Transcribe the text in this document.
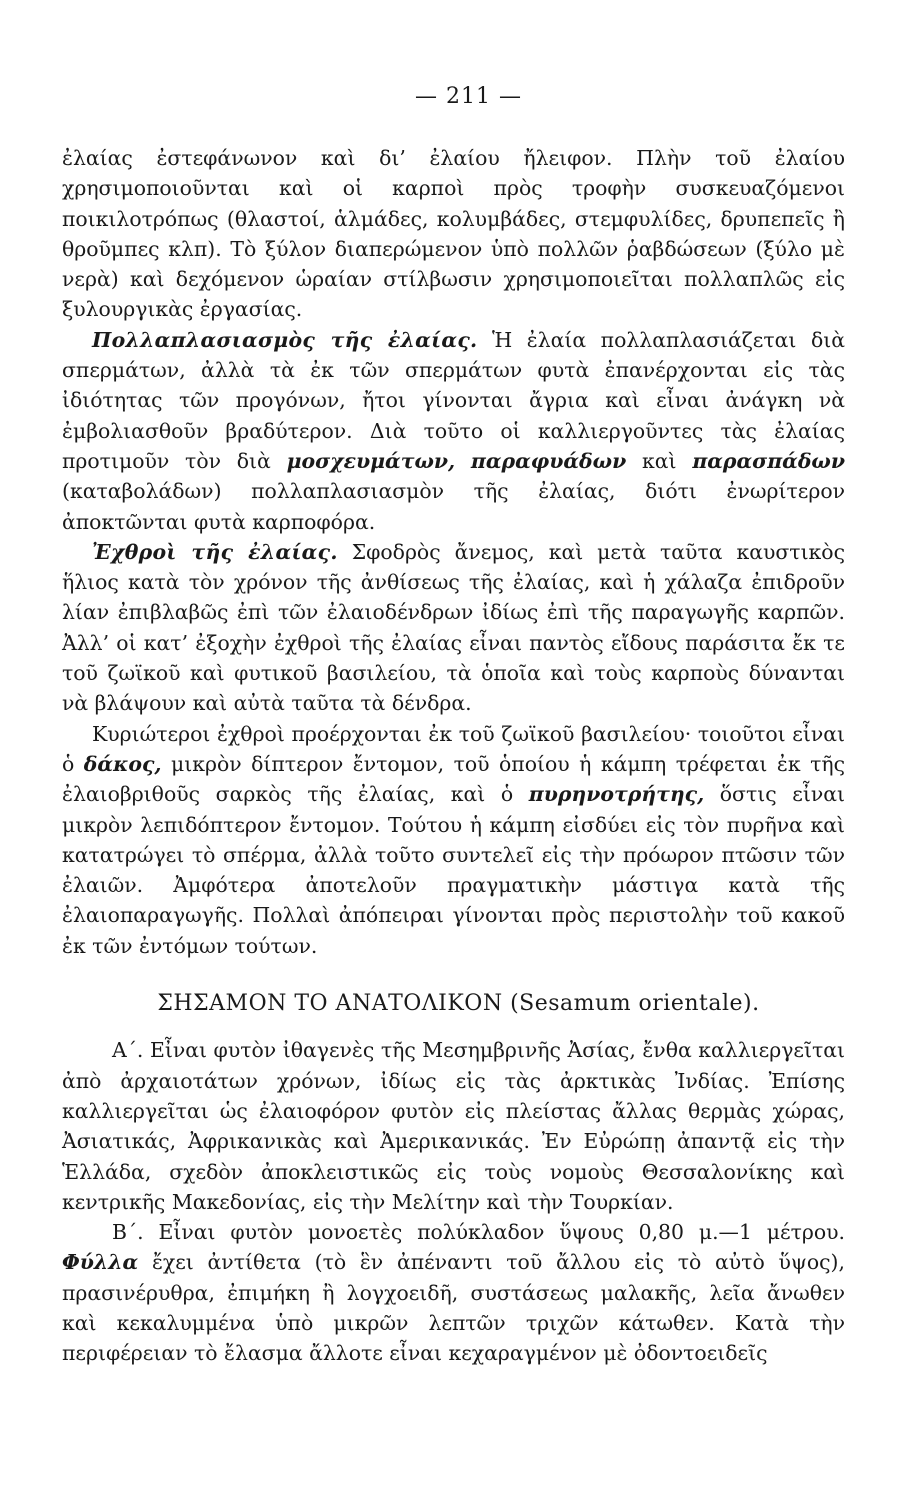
— 211 —

ἐλαίας ἐστεφάνωνον καὶ δι’ ἐλαίου ἤλειφον. Πλὴν τοῦ ἐλαίου χρησιμοποιοῦνται καὶ οἱ καρποὶ πρὸς τροφὴν συσκευαζόμενοι ποικιλοτρόπως (θλαστοί, ἁλμάδες, κολυμβάδες, στεμφυλίδες, δρυπεπεῖς ἢ θροῦμπες κλπ). Τὸ ξύλον διαπερώμενον ὑπὸ πολλῶν ῥαβδώσεων (ξύλο μὲ νερὰ) καὶ δεχόμενον ὡραίαν στίλβωσιν χρησιμοποιεῖται πολλαπλῶς εἰς ξυλουργικὰς ἐργασίας.

Πολλαπλασιασμὸς τῆς ἐλαίας. Ἡ ἐλαία πολλαπλασιάζεται διὰ σπερμάτων, ἀλλὰ τὰ ἐκ τῶν σπερμάτων φυτὰ ἐπανέρχονται εἰς τὰς ἰδιότητας τῶν προγόνων, ἤτοι γίνονται ἄγρια καὶ εἶναι ἀνάγκη νὰ ἐμβολιασθοῦν βραδύτερον. Διὰ τοῦτο οἱ καλλιεργοῦντες τὰς ἐλαίας προτιμοῦν τὸν διὰ μοσχευμάτων, παραφυάδων καὶ παρασπάδων (καταβολάδων) πολλαπλασιασμὸν τῆς ἐλαίας, διότι ἐνωρίτερον ἀποκτῶνται φυτὰ καρποφόρα.

Ἐχθροὶ τῆς ἐλαίας. Σφοδρὸς ἄνεμος, καὶ μετὰ ταῦτα καυστικὸς ἥλιος κατὰ τὸν χρόνον τῆς ἀνθίσεως τῆς ἐλαίας, καὶ ἡ χάλαζα ἐπιδροῦν λίαν ἐπιβλαβῶς ἐπὶ τῶν ἐλαιοδένδρων ἰδίως ἐπὶ τῆς παραγωγῆς καρπῶν. Ἀλλ’ οἱ κατ’ ἐξοχὴν ἐχθροὶ τῆς ἐλαίας εἶναι παντὸς εἴδους παράσιτα ἔκ τε τοῦ ζωϊκοῦ καὶ φυτικοῦ βασιλείου, τὰ ὁποῖα καὶ τοὺς καρποὺς δύνανται νὰ βλάψουν καὶ αὐτὰ ταῦτα τὰ δένδρα.

Κυριώτεροι ἐχθροὶ προέρχονται ἐκ τοῦ ζωϊκοῦ βασιλείου· τοιοῦτοι εἶναι ὁ δάκος, μικρὸν δίπτερον ἔντομον, τοῦ ὁποίου ἡ κάμπη τρέφεται ἐκ τῆς ἐλαιοβριθοῦς σαρκὸς τῆς ἐλαίας, καὶ ὁ πυρηνοτρήτης, ὅστις εἶναι μικρὸν λεπιδόπτερον ἔντομον. Τούτου ἡ κάμπη εἰσδύει εἰς τὸν πυρῆνα καὶ κατατρώγει τὸ σπέρμα, ἀλλὰ τοῦτο συντελεῖ εἰς τὴν πρόωρον πτῶσιν τῶν ἐλαιῶν. Ἀμφότερα ἀποτελοῦν πραγματικὴν μάστιγα κατὰ τῆς ἐλαιοπαραγωγῆς. Πολλαὶ ἀπόπειραι γίνονται πρὸς περιστολὴν τοῦ κακοῦ ἐκ τῶν ἐντόμων τούτων.

ΣΗΣΑΜΟΝ ΤΟ ΑΝΑΤΟΛΙΚΟΝ (Sesamum orientale).

Α΄. Εἶναι φυτὸν ἰθαγενὲς τῆς Μεσημβρινῆς Ἀσίας, ἔνθα καλλιεργεῖται ἀπὸ ἀρχαιοτάτων χρόνων, ἰδίως εἰς τὰς ἀρκτικὰς Ἰνδίας. Ἐπίσης καλλιεργεῖται ὡς ἐλαιοφόρον φυτὸν εἰς πλείστας ἄλλας θερμὰς χώρας, Ἀσιατικάς, Ἀφρικανικὰς καὶ Ἀμερικανικάς. Ἐν Εὐρώπῃ ἀπαντᾷ εἰς τὴν Ἑλλάδα, σχεδὸν ἀποκλειστικῶς εἰς τοὺς νομοὺς Θεσσαλονίκης καὶ κεντρικῆς Μακεδονίας, εἰς τὴν Μελίτην καὶ τὴν Τουρκίαν.

Β΄. Εἶναι φυτὸν μονοετὲς πολύκλαδον ὕψους 0,80 μ.—1 μέτρου. Φύλλα ἔχει ἀντίθετα (τὸ ἓν ἀπέναντι τοῦ ἄλλου εἰς τὸ αὐτὸ ὕψος), πρασινέρυθρα, ἐπιμήκη ἢ λογχοειδῆ, συστάσεως μαλακῆς, λεῖα ἄνωθεν καὶ κεκαλυμμένα ὑπὸ μικρῶν λεπτῶν τριχῶν κάτωθεν. Κατὰ τὴν περιφέρειαν τὸ ἔλασμα ἄλλοτε εἶναι κεχαραγμένον μὲ ὀδοντοειδεῖς
